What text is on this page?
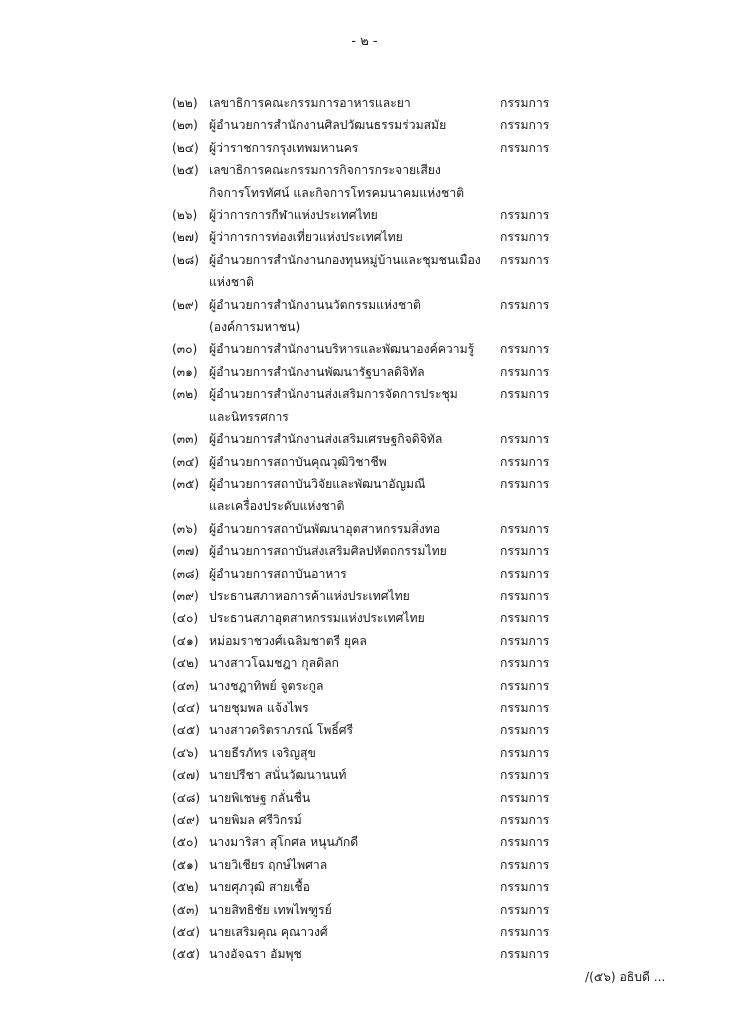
- ๒ -
(๒๒) เลขาธิการคณะกรรมการอาหารและยา	กรรมการ
(๒๓) ผู้อำนวยการสำนักงานศิลปวัฒนธรรมร่วมสมัย	กรรมการ
(๒๔) ผู้ว่าราชการกรุงเทพมหานคร	กรรมการ
(๒๕) เลขาธิการคณะกรรมการกิจการกระจายเสียง
กิจการโทรทัศน์ และกิจการโทรคมนาคมแห่งชาติ
(๒๖) ผู้ว่าการการกีฬาแห่งประเทศไทย	กรรมการ
(๒๗) ผู้ว่าการการท่องเที่ยวแห่งประเทศไทย	กรรมการ
(๒๘) ผู้อำนวยการสำนักงานกองทุนหมู่บ้านและชุมชนเมือง
แห่งชาติ
กรรมการ
(๒๙) ผู้อำนวยการสำนักงานนวัตกรรมแห่งชาติ
(องค์การมหาชน)
กรรมการ
(๓๐) ผู้อำนวยการสำนักงานบริหารและพัฒนาองค์ความรู้	กรรมการ
(๓๑) ผู้อำนวยการสำนักงานพัฒนารัฐบาลดิจิทัล	กรรมการ
(๓๒) ผู้อำนวยการสำนักงานส่งเสริมการจัดการประชุม
และนิทรรศการ
กรรมการ
(๓๓) ผู้อำนวยการสำนักงานส่งเสริมเศรษฐกิจดิจิทัล	กรรมการ
(๓๔) ผู้อำนวยการสถาบันคุณวุฒิวิชาชีพ	กรรมการ
(๓๕) ผู้อำนวยการสถาบันวิจัยและพัฒนาอัญมณี
และเครื่องประดับแห่งชาติ
กรรมการ
(๓๖) ผู้อำนวยการสถาบันพัฒนาอุตสาหกรรมสิ่งทอ	กรรมการ
(๓๗) ผู้อำนวยการสถาบันส่งเสริมศิลปหัตถกรรมไทย	กรรมการ
(๓๘) ผู้อำนวยการสถาบันอาหาร	กรรมการ
(๓๙) ประธานสภาหอการค้าแห่งประเทศไทย	กรรมการ
(๔๐) ประธานสภาอุตสาหกรรมแห่งประเทศไทย	กรรมการ
(๔๑) หม่อมราชวงศ์เฉลิมชาตรี ยุคล	กรรมการ
(๔๒) นางสาวโฉมชฎา กุลดิลก	กรรมการ
(๔๓) นางชฎาทิพย์ จูตระกูล	กรรมการ
(๔๔) นายชุมพล แจ้งไพร	กรรมการ
(๔๕) นางสาวดริตราภรณ์ โพธิ์ศรี	กรรมการ
(๔๖) นายธีรภัทร เจริญสุข	กรรมการ
(๔๗) นายปรีชา สนั่นวัฒนานนท์	กรรมการ
(๔๘) นายพิเชษฐ กลั่นชื่น	กรรมการ
(๔๙) นายพิมล ศรีวิกรม์	กรรมการ
(๕๐) นางมาริสา สุโกศล หนุนภักดี	กรรมการ
(๕๑) นายวิเชียร ฤกษ์ไพศาล	กรรมการ
(๕๒) นายศุภวุฒิ สายเชื้อ	กรรมการ
(๕๓) นายสิทธิชัย เทพไพฑูรย์	กรรมการ
(๕๔) นายเสริมคุณ คุณาวงศ์	กรรมการ
(๕๕) นางอัจฉรา อัมพุช	กรรมการ
/(๕๖) อธิบดี ...
